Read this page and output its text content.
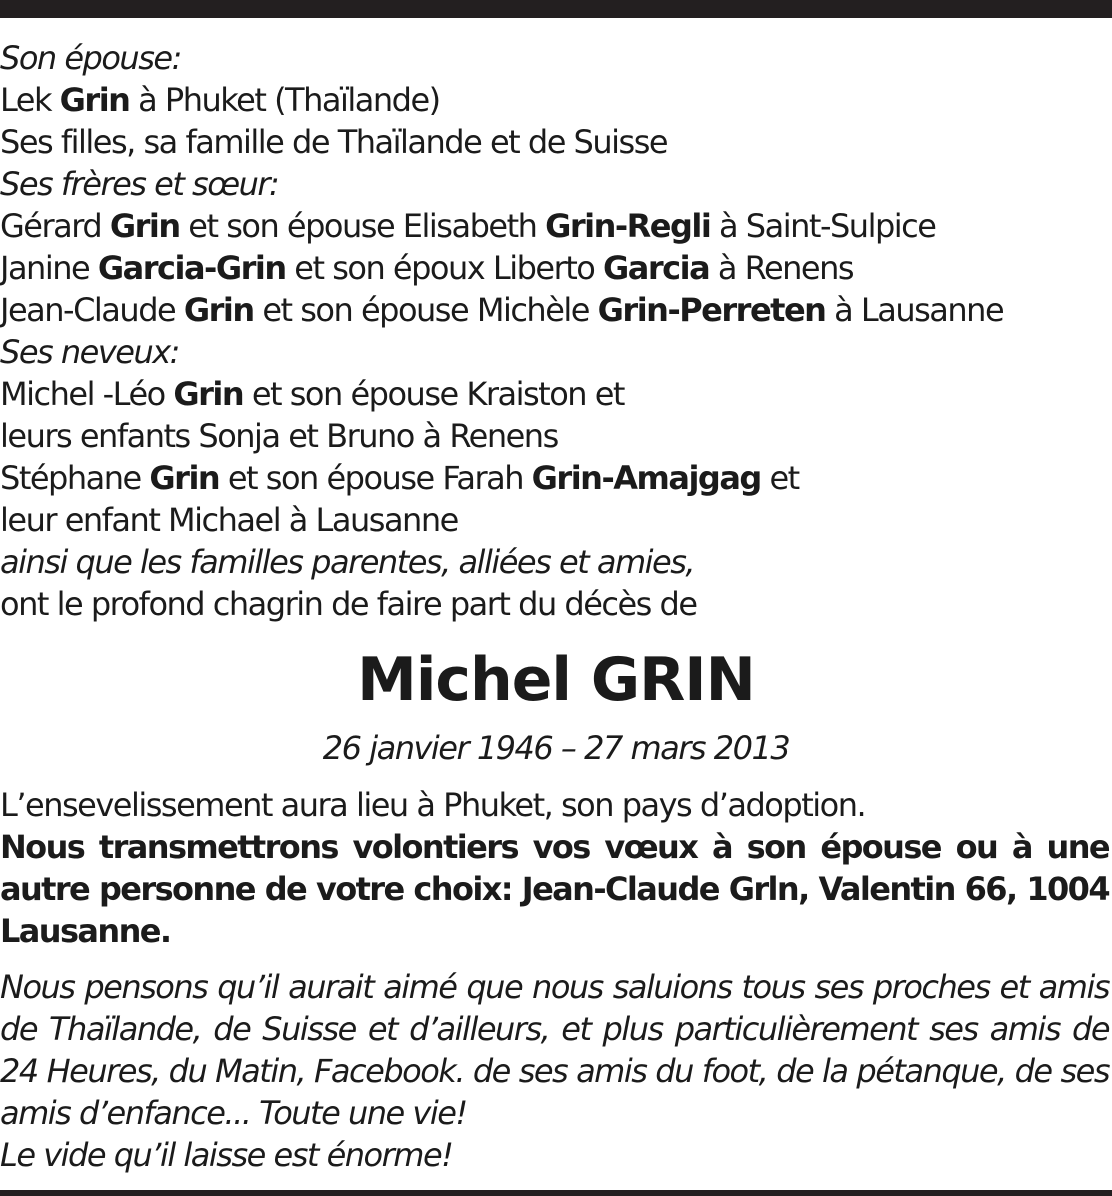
Son épouse:
Lek Grin à Phuket (Thaïlande)
Ses filles, sa famille de Thaïlande et de Suisse
Ses frères et sœur:
Gérard Grin et son épouse Elisabeth Grin-Regli à Saint-Sulpice
Janine Garcia-Grin et son époux Liberto Garcia à Renens
Jean-Claude Grin et son épouse Michèle Grin-Perreten à Lausanne
Ses neveux:
Michel -Léo Grin et son épouse Kraiston et
leurs enfants Sonja et Bruno à Renens
Stéphane Grin et son épouse Farah Grin-Amajgag et
leur enfant Michael à Lausanne
ainsi que les familles parentes, alliées et amies,
ont le profond chagrin de faire part du décès de
Michel GRIN
26 janvier 1946 – 27 mars 2013
L’ensevelissement aura lieu à Phuket, son pays d’adoption.
Nous transmettrons volontiers vos vœux à son épouse ou à une autre personne de votre choix: Jean-Claude Grln, Valentin 66, 1004 Lausanne.
Nous pensons qu’il aurait aimé que nous saluions tous ses proches et amis de Thaïlande, de Suisse et d’ailleurs, et plus particulièrement ses amis de 24 Heures, du Matin, Facebook. de ses amis du foot, de la pétanque, de ses amis d’enfance... Toute une vie!
Le vide qu’il laisse est énorme!
